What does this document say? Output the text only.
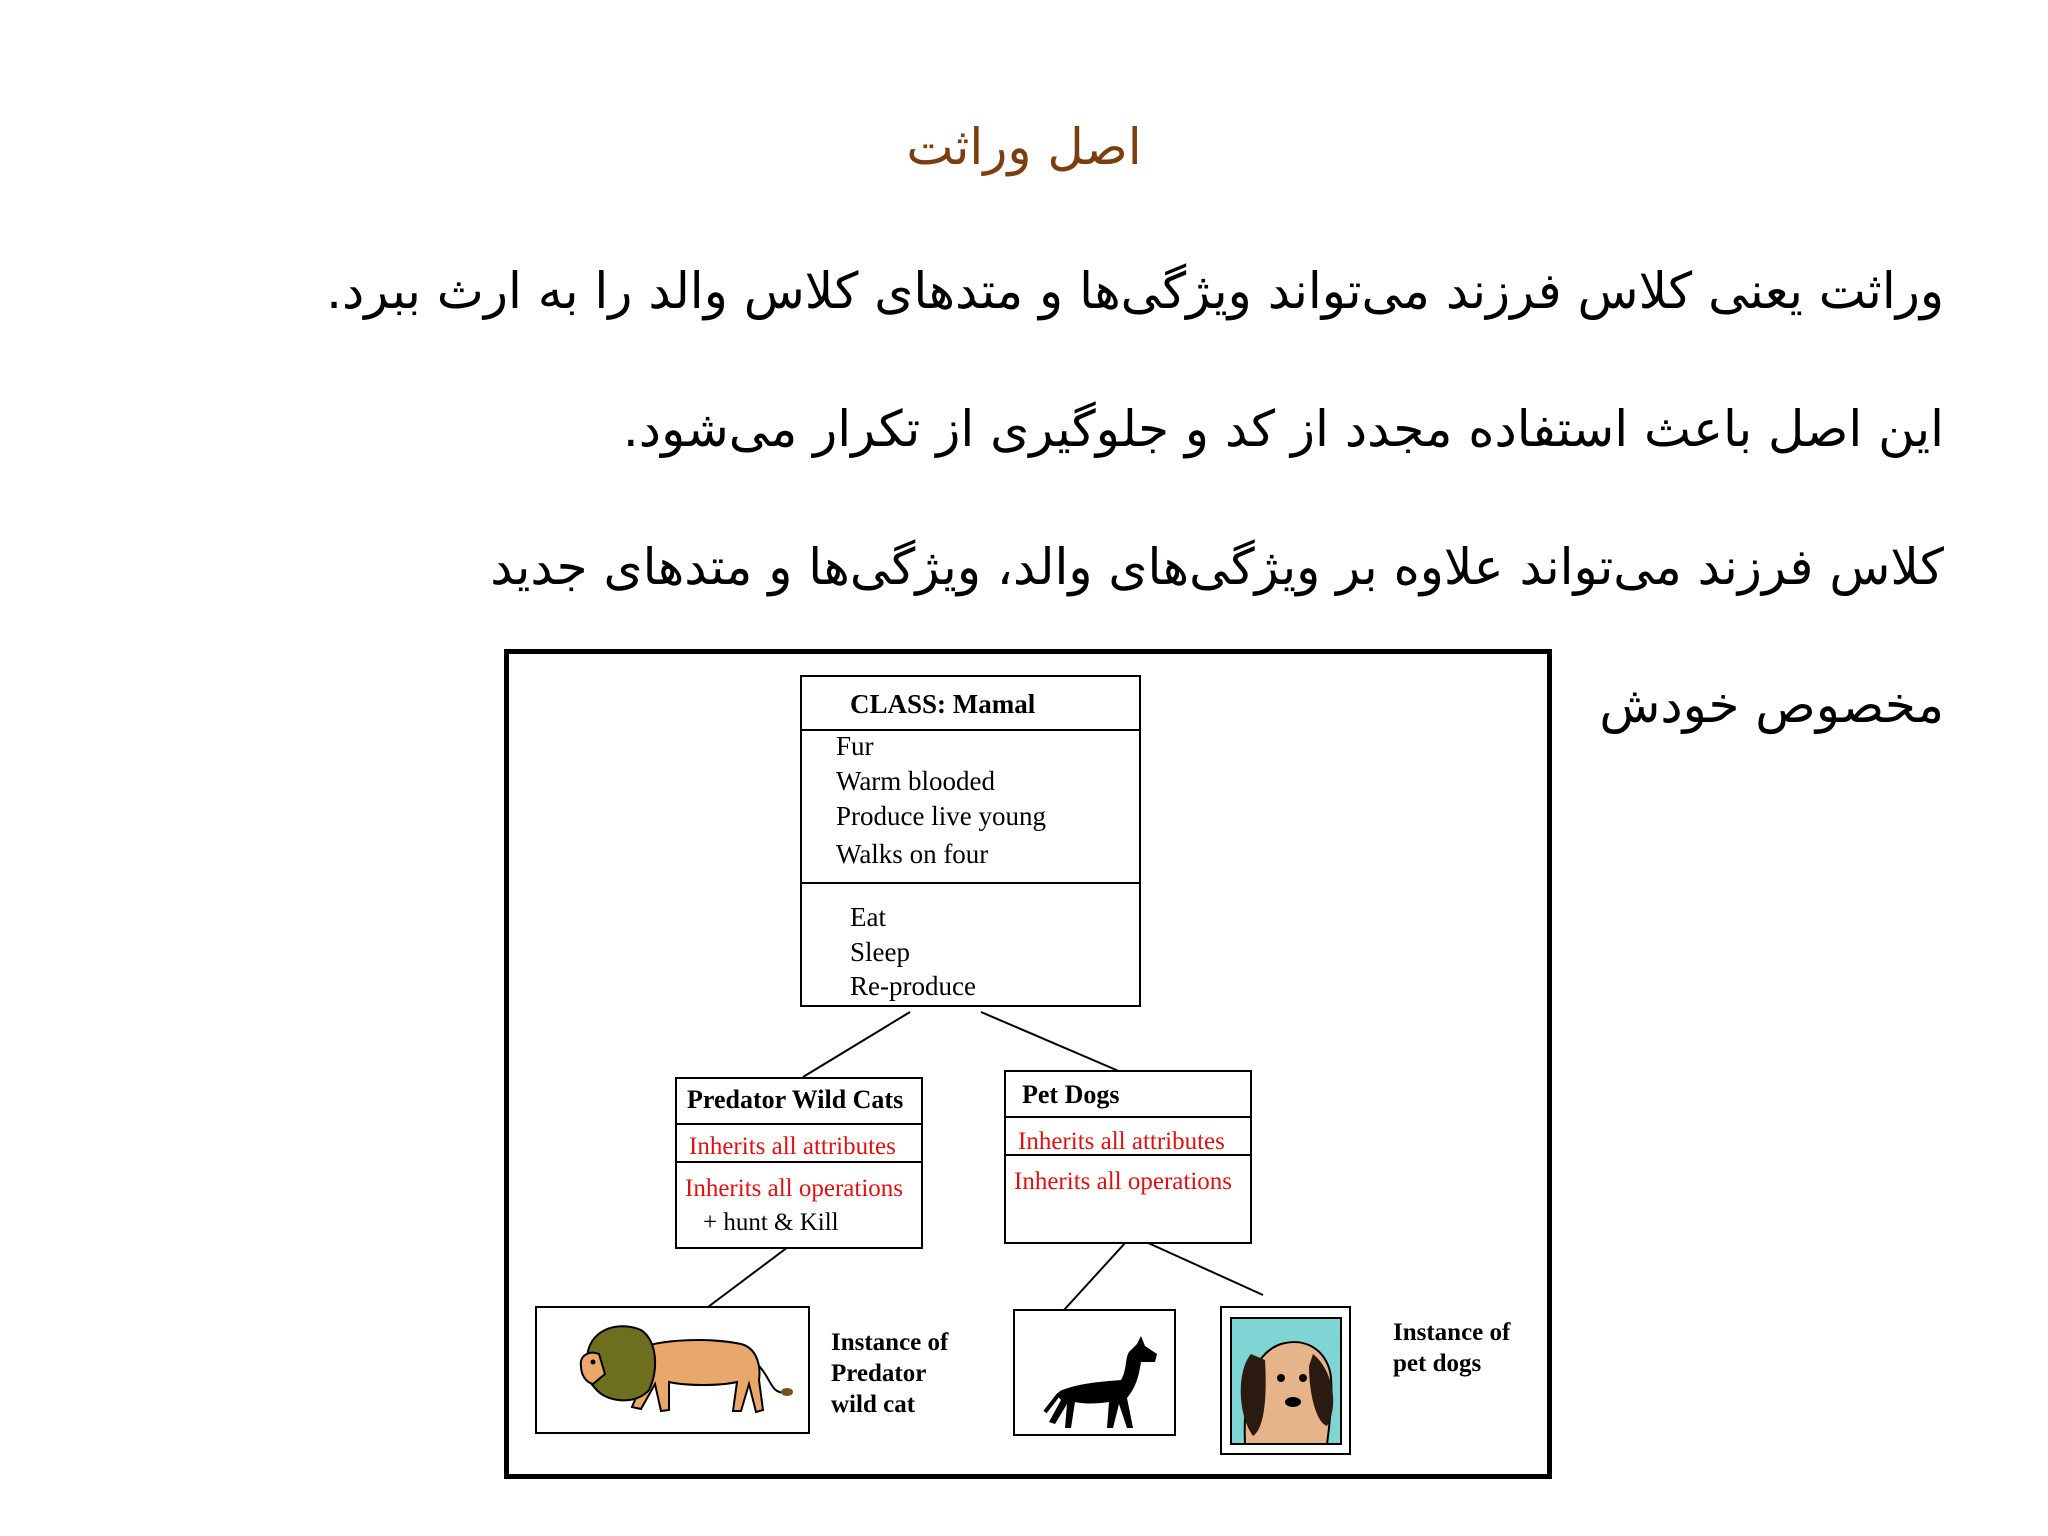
اصل وراثت
وراثت یعنی کلاس فرزند می‌تواند ویژگی‌ها و متدهای کلاس والد را به ارث ببرد.
این اصل باعث استفاده مجدد از کد و جلوگیری از تکرار می‌شود.
کلاس فرزند می‌تواند علاوه بر ویژگی‌های والد، ویژگی‌ها و متدهای جدید
مخصوص خودش
CLASS: Mamal
Fur
Warm blooded
Produce live young
Walks on four
Eat
Sleep
Re-produce
Predator Wild Cats
Inherits all attributes
Inherits all operations
+ hunt & Kill
Pet Dogs
Inherits all attributes
Inherits all operations
Instance of
Predator
wild cat
Instance of
pet dogs
